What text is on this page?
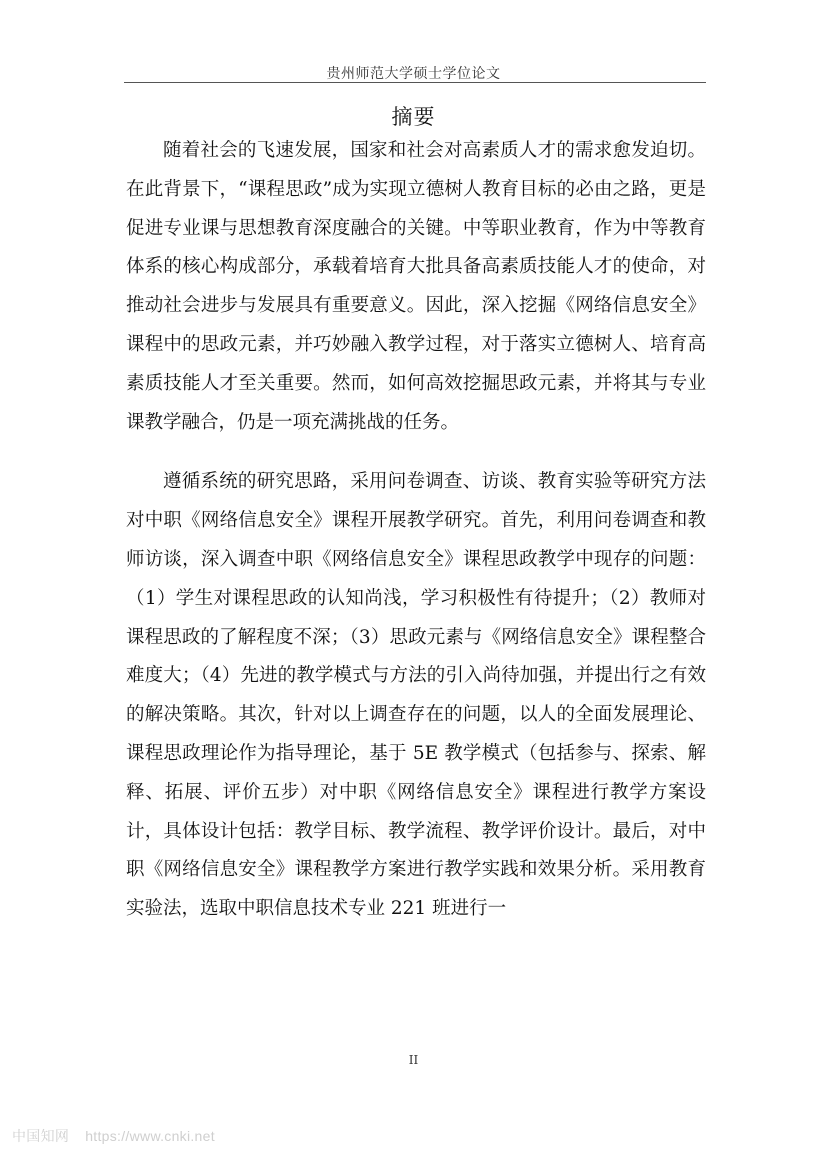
贵州师范大学硕士学位论文
摘要

随着社会的飞速发展，国家和社会对高素质人才的需求愈发迫切。在此背景下，“课程思政”成为实现立德树人教育目标的必由之路，更是促进专业课与思想教育深度融合的关键。中等职业教育，作为中等教育体系的核心构成部分，承载着培育大批具备高素质技能人才的使命，对推动社会进步与发展具有重要意义。因此，深入挖掘《网络信息安全》课程中的思政元素，并巧妙融入教学过程，对于落实立德树人、培育高素质技能人才至关重要。然而，如何高效挖掘思政元素，并将其与专业课教学融合，仍是一项充满挑战的任务。

遵循系统的研究思路，采用问卷调查、访谈、教育实验等研究方法对中职《网络信息安全》课程开展教学研究。首先，利用问卷调查和教师访谈，深入调查中职《网络信息安全》课程思政教学中现存的问题：（1）学生对课程思政的认知尚浅，学习积极性有待提升；（2）教师对课程思政的了解程度不深；（3）思政元素与《网络信息安全》课程整合难度大；（4）先进的教学模式与方法的引入尚待加强，并提出行之有效的解决策略。其次，针对以上调查存在的问题，以人的全面发展理论、课程思政理论作为指导理论，基于 5E 教学模式（包括参与、探索、解释、拓展、评价五步）对中职《网络信息安全》课程进行教学方案设计，具体设计包括：教学目标、教学流程、教学评价设计。最后，对中职《网络信息安全》课程教学方案进行教学实践和效果分析。采用教育实验法，选取中职信息技术专业 221 班进行一

II
中国知网 https://www.cnki.net
